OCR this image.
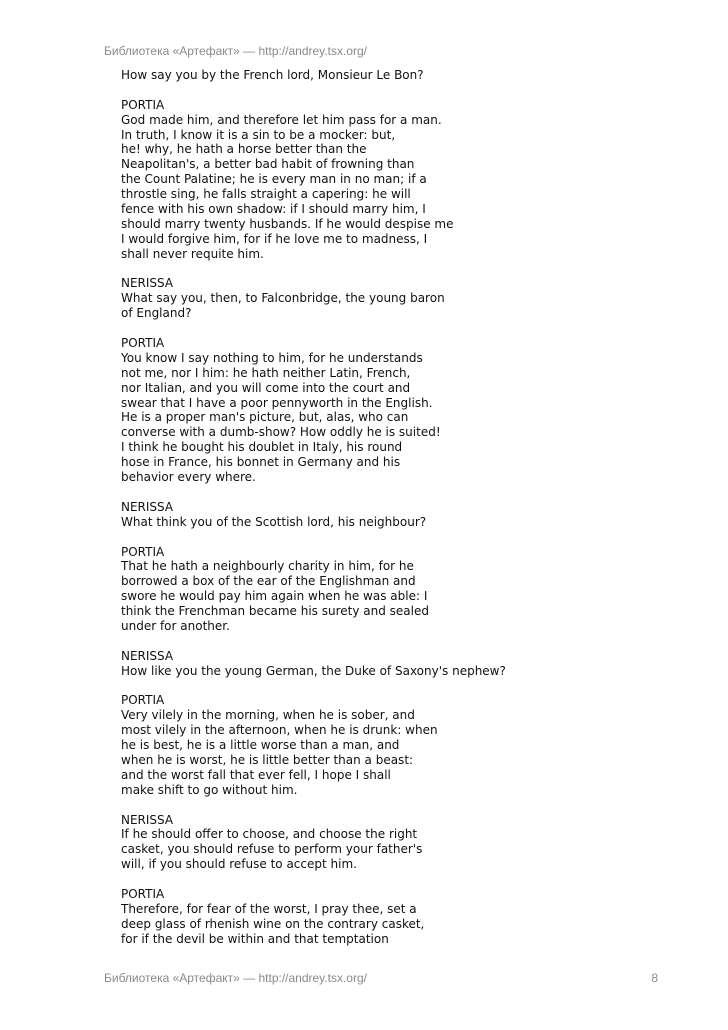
Библиотека «Артефакт» — http://andrey.tsx.org/
How say you by the French lord, Monsieur Le Bon?
PORTIA
God made him, and therefore let him pass for a man.
In truth, I know it is a sin to be a mocker: but,
he! why, he hath a horse better than the
Neapolitan's, a better bad habit of frowning than
the Count Palatine; he is every man in no man; if a
throstle sing, he falls straight a capering: he will
fence with his own shadow: if I should marry him, I
should marry twenty husbands. If he would despise me
I would forgive him, for if he love me to madness, I
shall never requite him.
NERISSA
What say you, then, to Falconbridge, the young baron
of England?
PORTIA
You know I say nothing to him, for he understands
not me, nor I him: he hath neither Latin, French,
nor Italian, and you will come into the court and
swear that I have a poor pennyworth in the English.
He is a proper man's picture, but, alas, who can
converse with a dumb-show? How oddly he is suited!
I think he bought his doublet in Italy, his round
hose in France, his bonnet in Germany and his
behavior every where.
NERISSA
What think you of the Scottish lord, his neighbour?
PORTIA
That he hath a neighbourly charity in him, for he
borrowed a box of the ear of the Englishman and
swore he would pay him again when he was able: I
think the Frenchman became his surety and sealed
under for another.
NERISSA
How like you the young German, the Duke of Saxony's nephew?
PORTIA
Very vilely in the morning, when he is sober, and
most vilely in the afternoon, when he is drunk: when
he is best, he is a little worse than a man, and
when he is worst, he is little better than a beast:
and the worst fall that ever fell, I hope I shall
make shift to go without him.
NERISSA
If he should offer to choose, and choose the right
casket, you should refuse to perform your father's
will, if you should refuse to accept him.
PORTIA
Therefore, for fear of the worst, I pray thee, set a
deep glass of rhenish wine on the contrary casket,
for if the devil be within and that temptation
Библиотека «Артефакт» — http://andrey.tsx.org/	8
